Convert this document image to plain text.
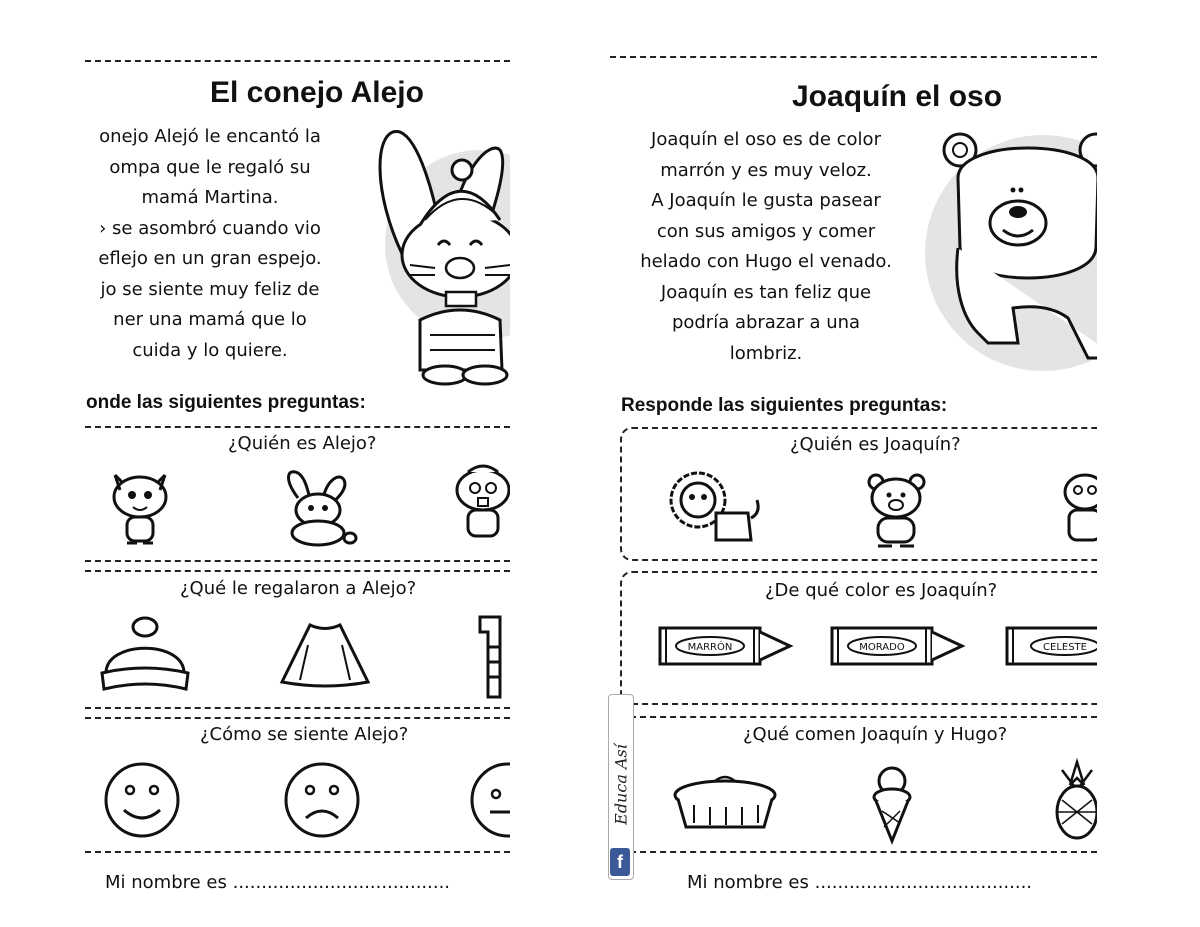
El conejo Alejo
onejo Alejó le encantó la
ompa que le regaló su
mamá Martina.
› se asombró cuando vio
eflejo en un gran espejo.
jo se siente muy feliz de
ner una mamá que lo
cuida y lo quiere.
onde las siguientes preguntas:
¿Quién es Alejo?
¿Qué le regalaron a Alejo?
¿Cómo se siente Alejo?
Mi nombre es ......................................
Joaquín el oso
Joaquín el oso es de color
marrón y es muy veloz.
A Joaquín le gusta pasear
con sus amigos y comer
helado con Hugo el venado.
Joaquín es tan feliz que
podría abrazar a una
lombriz.
Responde las siguientes preguntas:
¿Quién es Joaquín?
¿De qué color es Joaquín?
MARRÓN	MORADO	CELESTE
¿Qué comen Joaquín y Hugo?
Mi nombre es ......................................
Educa Así
f
